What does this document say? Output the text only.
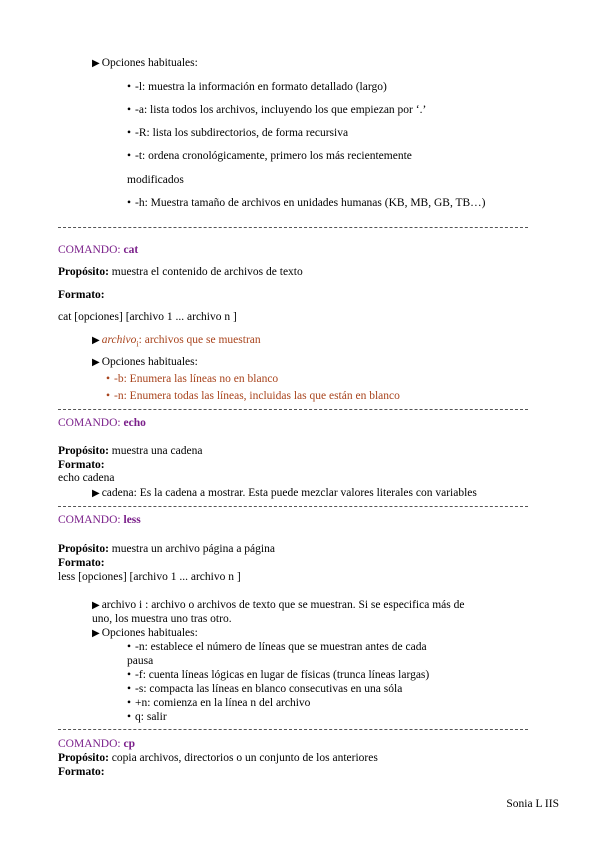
▶ Opciones habituales:
• -l: muestra la información en formato detallado (largo)
• -a: lista todos los archivos, incluyendo los que empiezan por ‘.’
• -R: lista los subdirectorios, de forma recursiva
• -t: ordena cronológicamente, primero los más recientemente
modificados
• -h: Muestra tamaño de archivos en unidades humanas (KB, MB, GB, TB…)
COMANDO: cat
Propósito: muestra el contenido de archivos de texto
Formato:
cat [opciones] [archivo 1 ... archivo n ]
▶ archivo$_i$: archivos que se muestran
▶ Opciones habituales:
• -b: Enumera las líneas no en blanco
• -n: Enumera todas las líneas, incluidas las que están en blanco
COMANDO: echo
Propósito: muestra una cadena
Formato:
echo cadena
▶ cadena: Es la cadena a mostrar. Esta puede mezclar valores literales con variables
COMANDO: less
Propósito: muestra un archivo página a página
Formato:
less [opciones] [archivo 1 ... archivo n ]
▶ archivo i : archivo o archivos de texto que se muestran. Si se especifica más de
uno, los muestra uno tras otro.
▶ Opciones habituales:
• -n: establece el número de líneas que se muestran antes de cada
pausa
• -f: cuenta líneas lógicas en lugar de físicas (trunca líneas largas)
• -s: compacta las líneas en blanco consecutivas en una sóla
• +n: comienza en la línea n del archivo
• q: salir
COMANDO: cp
Propósito: copia archivos, directorios o un conjunto de los anteriores
Formato:
Sonia L IIS
